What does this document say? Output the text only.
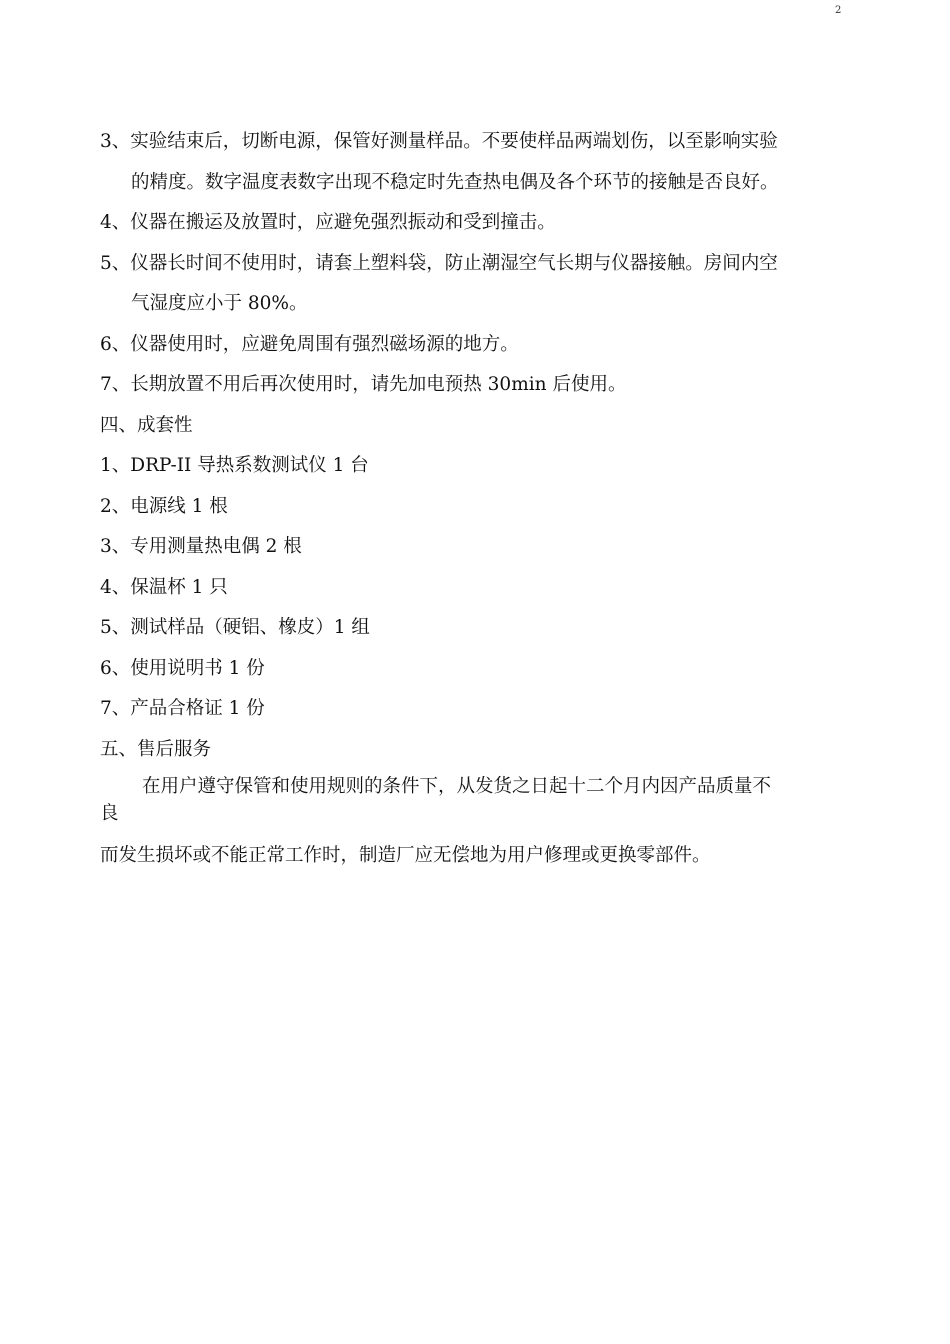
2
3、实验结束后，切断电源，保管好测量样品。不要使样品两端划伤，以至影响实验
的精度。数字温度表数字出现不稳定时先查热电偶及各个环节的接触是否良好。
4、仪器在搬运及放置时，应避免强烈振动和受到撞击。
5、仪器长时间不使用时，请套上塑料袋，防止潮湿空气长期与仪器接触。房间内空
气湿度应小于 80%。
6、仪器使用时，应避免周围有强烈磁场源的地方。
7、长期放置不用后再次使用时，请先加电预热 30min 后使用。
四、成套性
1、DRP-II 导热系数测试仪 1 台
2、电源线 1 根
3、专用测量热电偶 2 根
4、保温杯 1 只
5、测试样品（硬铝、橡皮）1 组
6、使用说明书 1 份
7、产品合格证 1 份
五、售后服务
在用户遵守保管和使用规则的条件下，从发货之日起十二个月内因产品质量不
良
而发生损坏或不能正常工作时，制造厂应无偿地为用户修理或更换零部件。
